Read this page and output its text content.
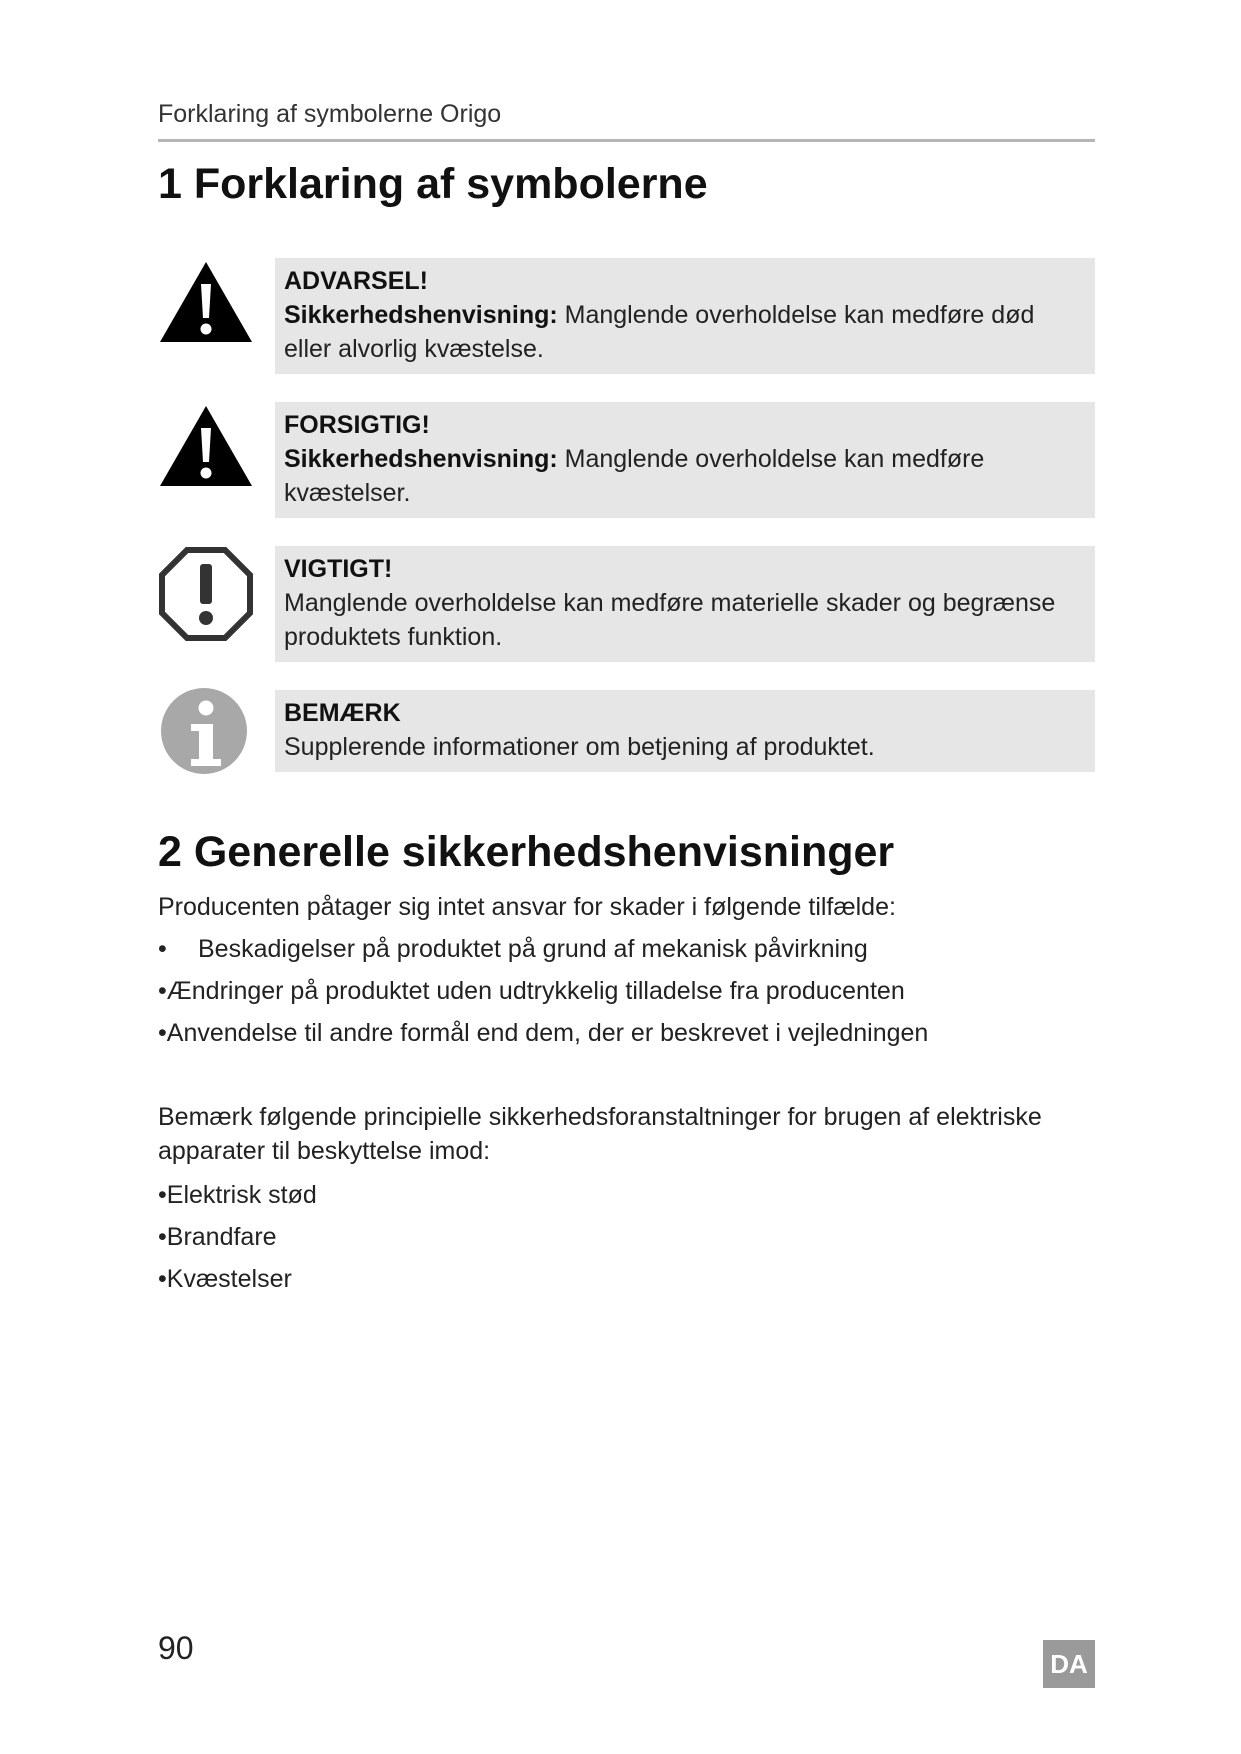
Forklaring af symbolerne Origo
1 Forklaring af symbolerne
ADVARSEL!
Sikkerhedshenvisning: Manglende overholdelse kan medføre død eller alvorlig kvæstelse.
FORSIGTIG!
Sikkerhedshenvisning: Manglende overholdelse kan medføre kvæstelser.
VIGTIGT!
Manglende overholdelse kan medføre materielle skader og begrænse produktets funktion.
BEMÆRK
Supplerende informationer om betjening af produktet.
2 Generelle sikkerhedshenvisninger

Producenten påtager sig intet ansvar for skader i følgende tilfælde:

• Beskadigelser på produktet på grund af mekanisk påvirkning
•Ændringer på produktet uden udtrykkelig tilladelse fra producenten
•Anvendelse til andre formål end dem, der er beskrevet i vejledningen

Bemærk følgende principielle sikkerhedsforanstaltninger for brugen af elektriske apparater til beskyttelse imod:

•Elektrisk stød
•Brandfare
•Kvæstelser
90	DA
